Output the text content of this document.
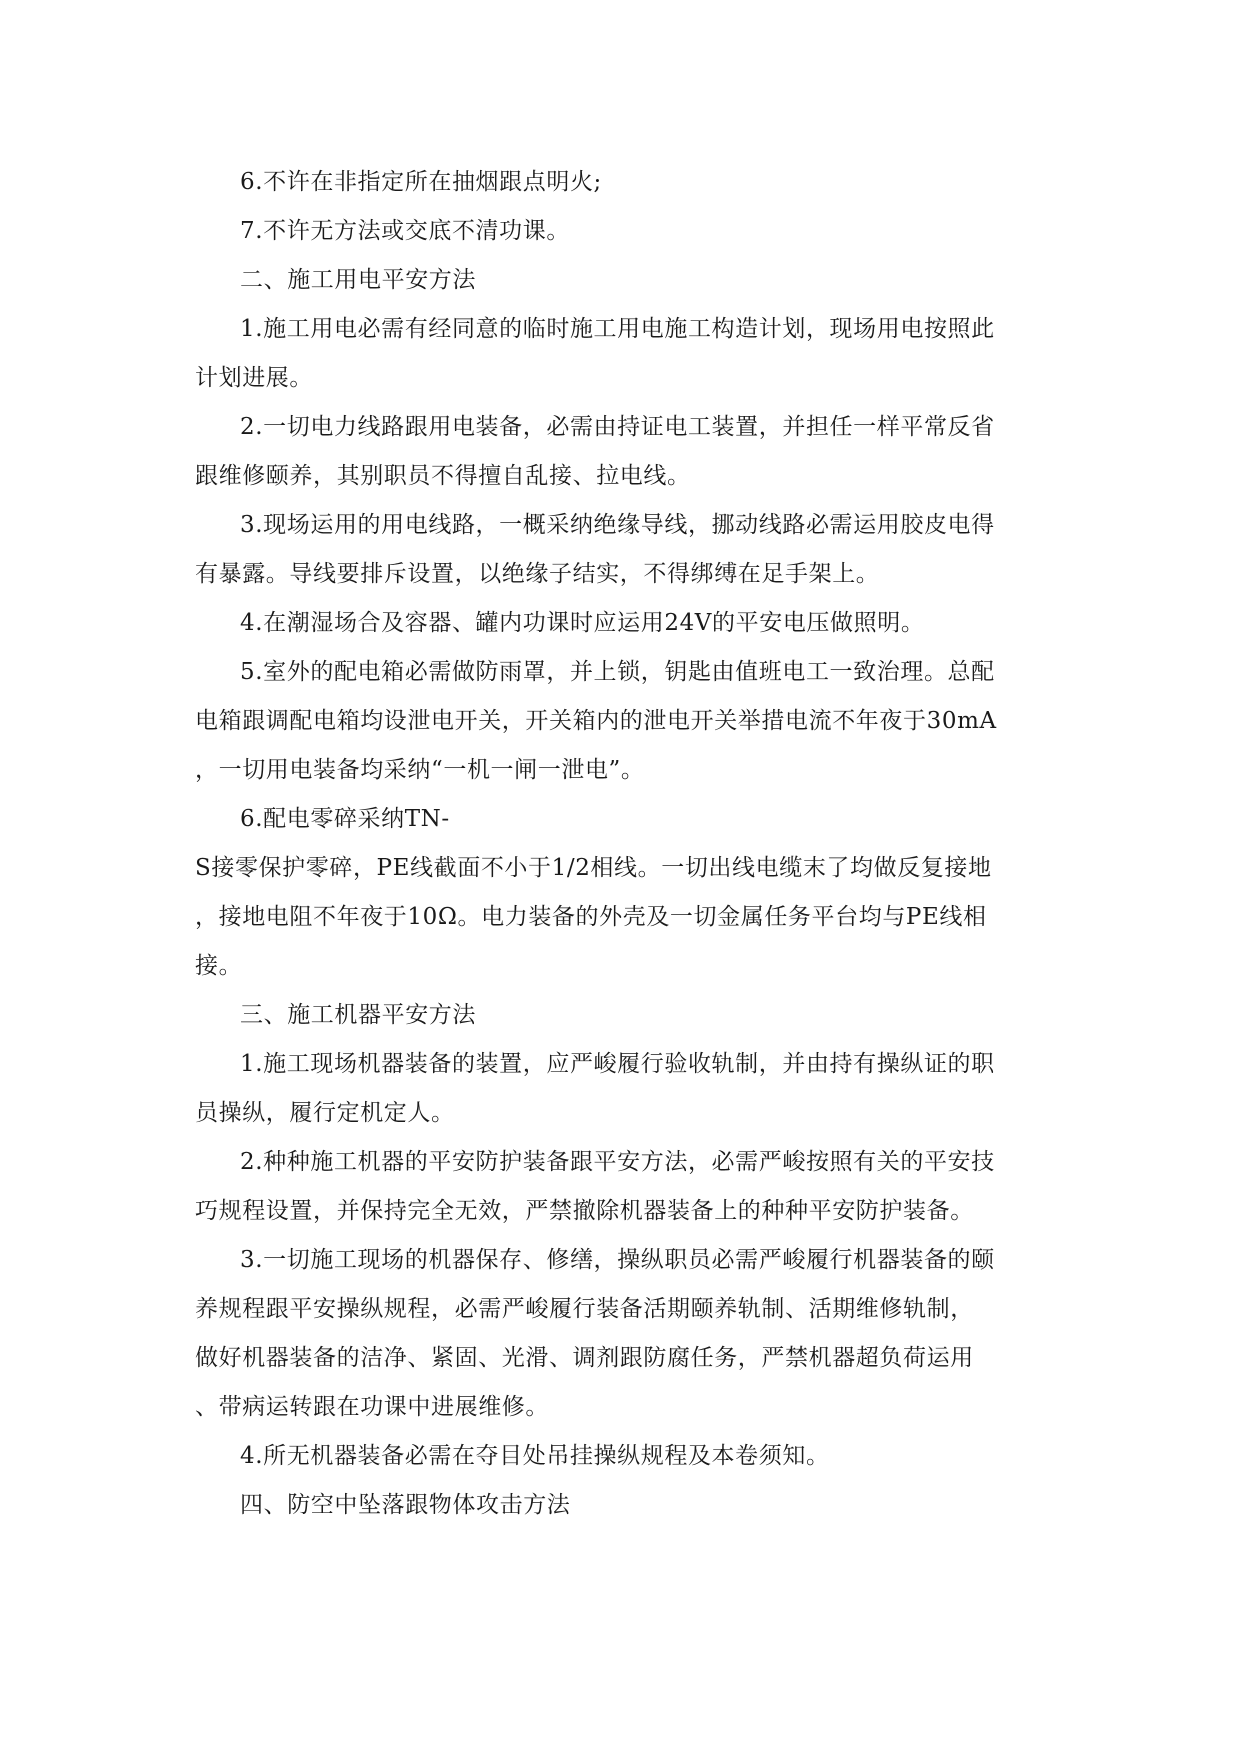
6.不许在非指定所在抽烟跟点明火;
7.不许无方法或交底不清功课。
二、施工用电平安方法
1.施工用电必需有经同意的临时施工用电施工构造计划，现场用电按照此
计划进展。
2.一切电力线路跟用电装备，必需由持证电工装置，并担任一样平常反省
跟维修颐养，其别职员不得擅自乱接、拉电线。
3.现场运用的用电线路，一概采纳绝缘导线，挪动线路必需运用胶皮电得
有暴露。导线要排斥设置，以绝缘子结实，不得绑缚在足手架上。
4.在潮湿场合及容器、罐内功课时应运用24V的平安电压做照明。
5.室外的配电箱必需做防雨罩，并上锁，钥匙由值班电工一致治理。总配
电箱跟调配电箱均设泄电开关，开关箱内的泄电开关举措电流不年夜于30mA
，一切用电装备均采纳“一机一闸一泄电”。
6.配电零碎采纳TN-
S接零保护零碎，PE线截面不小于1/2相线。一切出线电缆末了均做反复接地
，接地电阻不年夜于10Ω。电力装备的外壳及一切金属任务平台均与PE线相
接。
三、施工机器平安方法
1.施工现场机器装备的装置，应严峻履行验收轨制，并由持有操纵证的职
员操纵，履行定机定人。
2.种种施工机器的平安防护装备跟平安方法，必需严峻按照有关的平安技
巧规程设置，并保持完全无效，严禁撤除机器装备上的种种平安防护装备。
3.一切施工现场的机器保存、修缮，操纵职员必需严峻履行机器装备的颐
养规程跟平安操纵规程，必需严峻履行装备活期颐养轨制、活期维修轨制，
做好机器装备的洁净、紧固、光滑、调剂跟防腐任务，严禁机器超负荷运用
、带病运转跟在功课中进展维修。
4.所无机器装备必需在夺目处吊挂操纵规程及本卷须知。
四、防空中坠落跟物体攻击方法
